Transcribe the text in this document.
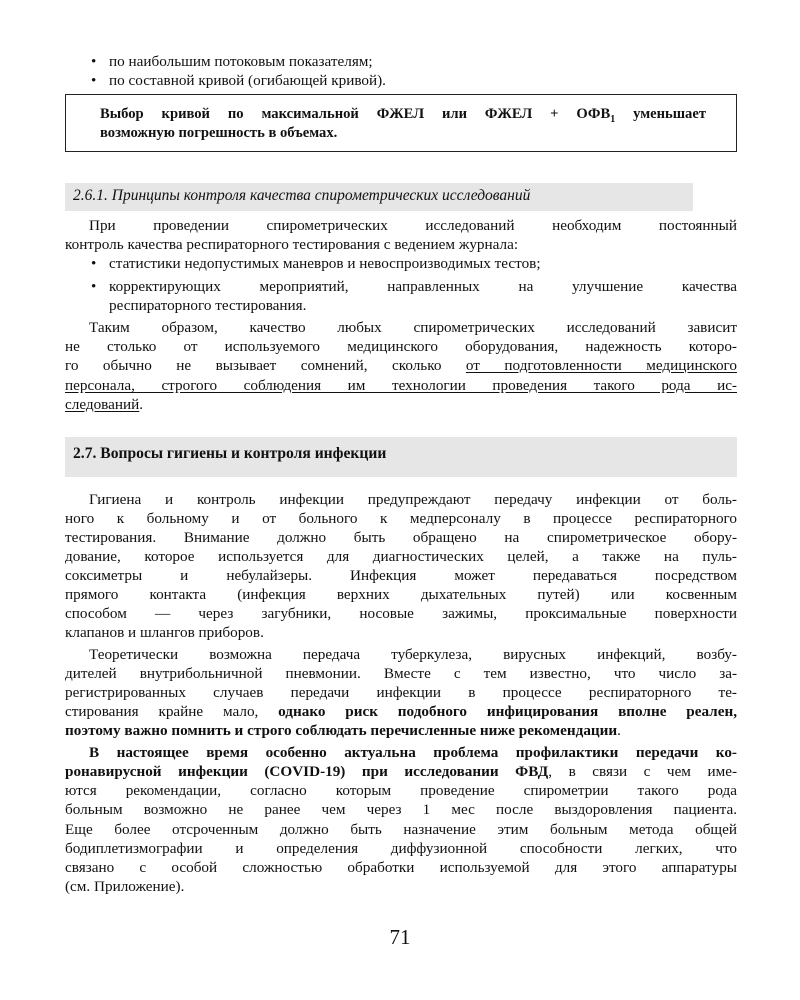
• по наибольшим потоковым показателям;
• по составной кривой (огибающей кривой).
Выбор кривой по максимальной ФЖЕЛ или ФЖЕЛ + $ОФВ_1$ уменьшает
возможную погрешность в объемах.
2.6.1. Принципы контроля качества спирометрических исследований
При проведении спирометрических исследований необходим постоянный
контроль качества респираторного тестирования с ведением журнала:
• статистики недопустимых маневров и невоспроизводимых тестов;
• корректирующих мероприятий, направленных на улучшение качества
респираторного тестирования.
Таким образом, качество любых спирометрических исследований зависит
не столько от используемого медицинского оборудования, надежность которо-
го обычно не вызывает сомнений, сколько от подготовленности медицинского
персонала, строгого соблюдения им технологии проведения такого рода ис-
следований.
2.7. Вопросы гигиены и контроля инфекции
Гигиена и контроль инфекции предупреждают передачу инфекции от боль-
ного к больному и от больного к медперсоналу в процессе респираторного
тестирования. Внимание должно быть обращено на спирометрическое обору-
дование, которое используется для диагностических целей, а также на пуль-
соксиметры и небулайзеры. Инфекция может передаваться посредством
прямого контакта (инфекция верхних дыхательных путей) или косвенным
способом — через загубники, носовые зажимы, проксимальные поверхности
клапанов и шлангов приборов.
Теоретически возможна передача туберкулеза, вирусных инфекций, возбу-
дителей внутрибольничной пневмонии. Вместе с тем известно, что число за-
регистрированных случаев передачи инфекции в процессе респираторного те-
стирования крайне мало, однако риск подобного инфицирования вполне реален,
поэтому важно помнить и строго соблюдать перечисленные ниже рекомендации.
В настоящее время особенно актуальна проблема профилактики передачи ко-
ронавирусной инфекции (COVID-19) при исследовании ФВД, в связи с чем име-
ются рекомендации, согласно которым проведение спирометрии такого рода
больным возможно не ранее чем через 1 мес после выздоровления пациента.
Еще более отсроченным должно быть назначение этим больным метода общей
бодиплетизмографии и определения диффузионной способности легких, что
связано с особой сложностью обработки используемой для этого аппаратуры
(см. Приложение).
71
